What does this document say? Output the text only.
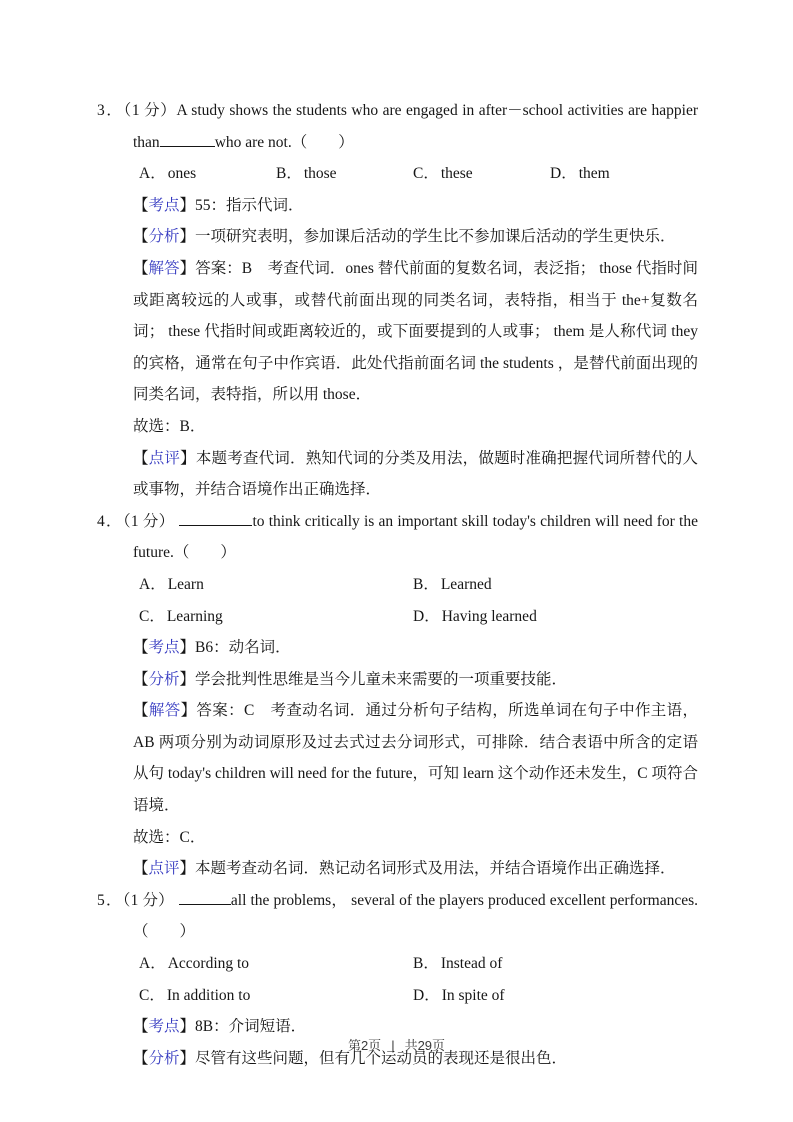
3．（1 分）A study shows the students who are engaged in after－school activities are happier than	who are not.（　　）

A． ones	B． those	C． these	D． them

【考点】55：指示代词．

【分析】一项研究表明，参加课后活动的学生比不参加课后活动的学生更快乐．

【解答】答案：B　考查代词．ones 替代前面的复数名词，表泛指； those 代指时间或距离较远的人或事，或替代前面出现的同类名词，表特指，相当于 the+复数名词； these 代指时间或距离较近的，或下面要提到的人或事； them 是人称代词 they 的宾格，通常在句子中作宾语．此处代指前面名词 the students ，是替代前面出现的同类名词，表特指，所以用 those．

故选：B．

【点评】本题考查代词．熟知代词的分类及用法，做题时准确把握代词所替代的人或事物，并结合语境作出正确选择．

4．（1 分）	to think critically is an important skill today's children will need for the future.（　　）

A． Learn	B． Learned
C． Learning	D． Having learned

【考点】B6：动名词．

【分析】学会批判性思维是当今儿童未来需要的一项重要技能．

【解答】答案：C　考查动名词．通过分析句子结构，所选单词在句子中作主语，AB 两项分别为动词原形及过去式过去分词形式，可排除．结合表语中所含的定语从句 today's children will need for the future，可知 learn 这个动作还未发生，C 项符合语境．

故选：C．

【点评】本题考查动名词．熟记动名词形式及用法，并结合语境作出正确选择．

5．（1 分）	all the problems， several of the players produced excellent performances.（　　）

A． According to	B． Instead of
C． In addition to	D． In spite of

【考点】8B：介词短语．

【分析】尽管有这些问题，但有几个运动员的表现还是很出色．

第2页 | 共29页
